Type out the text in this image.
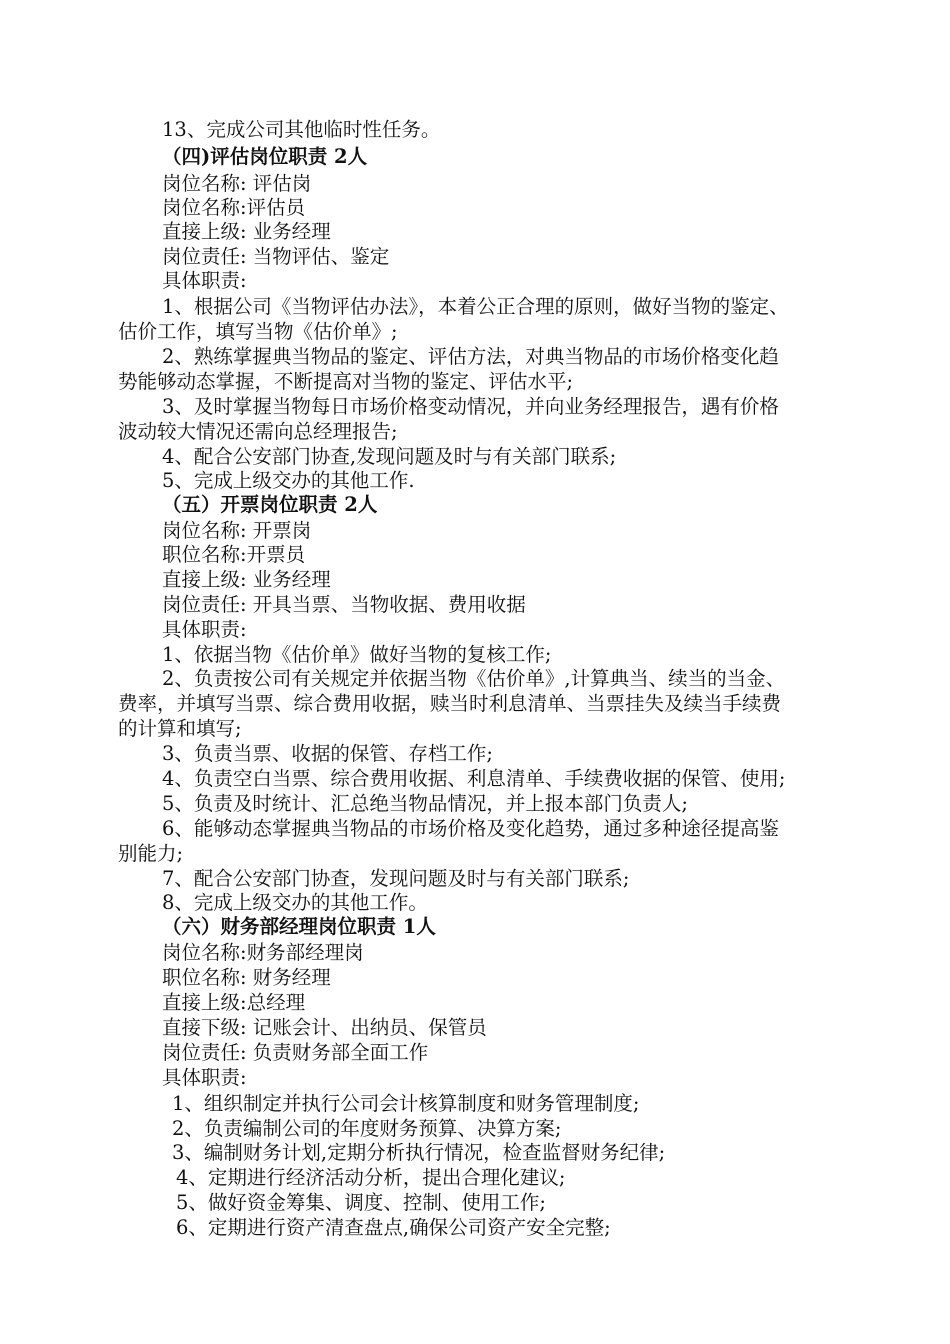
13、完成公司其他临时性任务。
（四)评估岗位职责 2人
岗位名称: 评估岗
岗位名称:评估员
直接上级: 业务经理
岗位责任: 当物评估、鉴定
具体职责:
1、根据公司《当物评估办法》，本着公正合理的原则，做好当物的鉴定、
估价工作，填写当物《估价单》;
2、熟练掌握典当物品的鉴定、评估方法，对典当物品的市场价格变化趋
势能够动态掌握，不断提高对当物的鉴定、评估水平;
3、及时掌握当物每日市场价格变动情况，并向业务经理报告，遇有价格
波动较大情况还需向总经理报告;
4、配合公安部门协查,发现问题及时与有关部门联系;
5、完成上级交办的其他工作.
（五）开票岗位职责 2人
岗位名称: 开票岗
职位名称:开票员
直接上级: 业务经理
岗位责任: 开具当票、当物收据、费用收据
具体职责:
1、依据当物《估价单》做好当物的复核工作;
2、负责按公司有关规定并依据当物《估价单》,计算典当、续当的当金、
费率，并填写当票、综合费用收据，赎当时利息清单、当票挂失及续当手续费
的计算和填写;
3、负责当票、收据的保管、存档工作;
4、负责空白当票、综合费用收据、利息清单、手续费收据的保管、使用;
5、负责及时统计、汇总绝当物品情况，并上报本部门负责人;
6、能够动态掌握典当物品的市场价格及变化趋势，通过多种途径提高鉴
别能力;
7、配合公安部门协查，发现问题及时与有关部门联系;
8、完成上级交办的其他工作。
（六）财务部经理岗位职责 1人
岗位名称:财务部经理岗
职位名称: 财务经理
直接上级:总经理
直接下级: 记账会计、出纳员、保管员
岗位责任: 负责财务部全面工作
具体职责:
1、组织制定并执行公司会计核算制度和财务管理制度;
2、负责编制公司的年度财务预算、决算方案;
3、编制财务计划,定期分析执行情况，检查监督财务纪律;
4、定期进行经济活动分析，提出合理化建议;
5、做好资金筹集、调度、控制、使用工作;
6、定期进行资产清查盘点,确保公司资产安全完整;
